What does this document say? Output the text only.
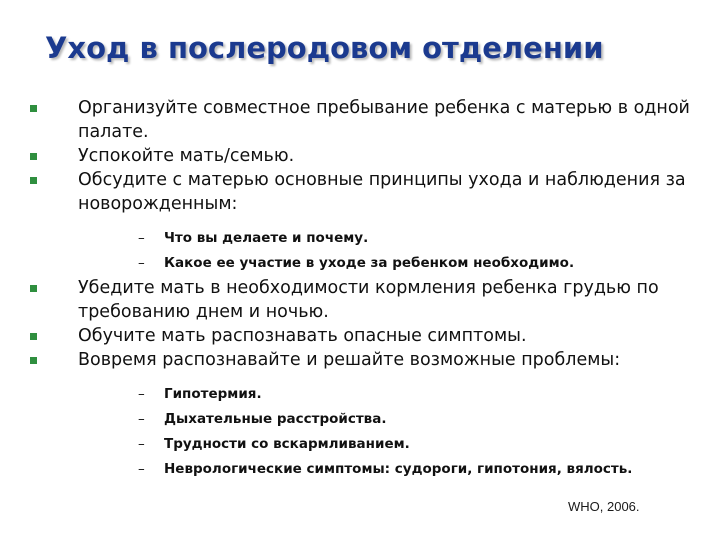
Уход в послеродовом отделении
Организуйте совместное пребывание ребенка с матерью в одной палате.
Успокойте мать/семью.
Обсудите с матерью основные принципы ухода и наблюдения за новорожденным:
– Что вы делаете и почему.
– Какое ее участие в уходе за ребенком необходимо.
Убедите мать в необходимости кормления ребенка грудью по требованию днем и ночью.
Обучите мать распознавать опасные симптомы.
Вовремя распознавайте и решайте возможные проблемы:
– Гипотермия.
– Дыхательные расстройства.
– Трудности со вскармливанием.
– Неврологические симптомы: судороги, гипотония, вялость.
WHO, 2006.
